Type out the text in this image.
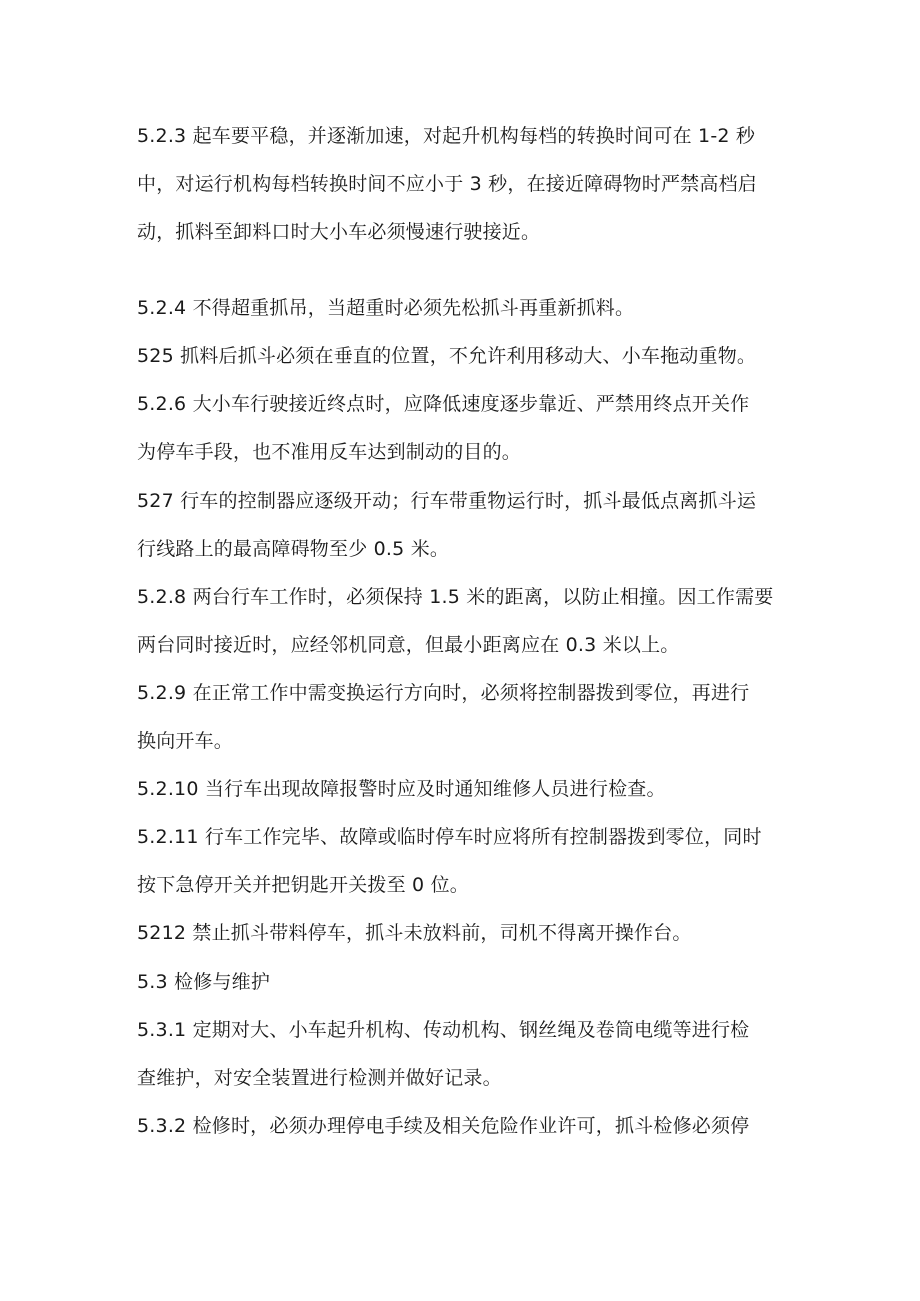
5.2.3 起车要平稳，并逐渐加速，对起升机构每档的转换时间可在 1-2 秒
中，对运行机构每档转换时间不应小于 3 秒，在接近障碍物时严禁高档启
动，抓料至卸料口时大小车必须慢速行驶接近。
5.2.4 不得超重抓吊，当超重时必须先松抓斗再重新抓料。
525 抓料后抓斗必须在垂直的位置，不允许利用移动大、小车拖动重物。
5.2.6 大小车行驶接近终点时，应降低速度逐步靠近、严禁用终点开关作
为停车手段，也不准用反车达到制动的目的。
527 行车的控制器应逐级开动；行车带重物运行时，抓斗最低点离抓斗运
行线路上的最高障碍物至少 0.5 米。
5.2.8 两台行车工作时，必须保持 1.5 米的距离，以防止相撞。因工作需要
两台同时接近时，应经邻机同意，但最小距离应在 0.3 米以上。
5.2.9 在正常工作中需变换运行方向时，必须将控制器拨到零位，再进行
换向开车。
5.2.10 当行车出现故障报警时应及时通知维修人员进行检查。
5.2.11 行车工作完毕、故障或临时停车时应将所有控制器拨到零位，同时
按下急停开关并把钥匙开关拨至 0 位。
5212 禁止抓斗带料停车，抓斗未放料前，司机不得离开操作台。
5.3 检修与维护
5.3.1 定期对大、小车起升机构、传动机构、钢丝绳及卷筒电缆等进行检
查维护，对安全装置进行检测并做好记录。
5.3.2 检修时，必须办理停电手续及相关危险作业许可，抓斗检修必须停
